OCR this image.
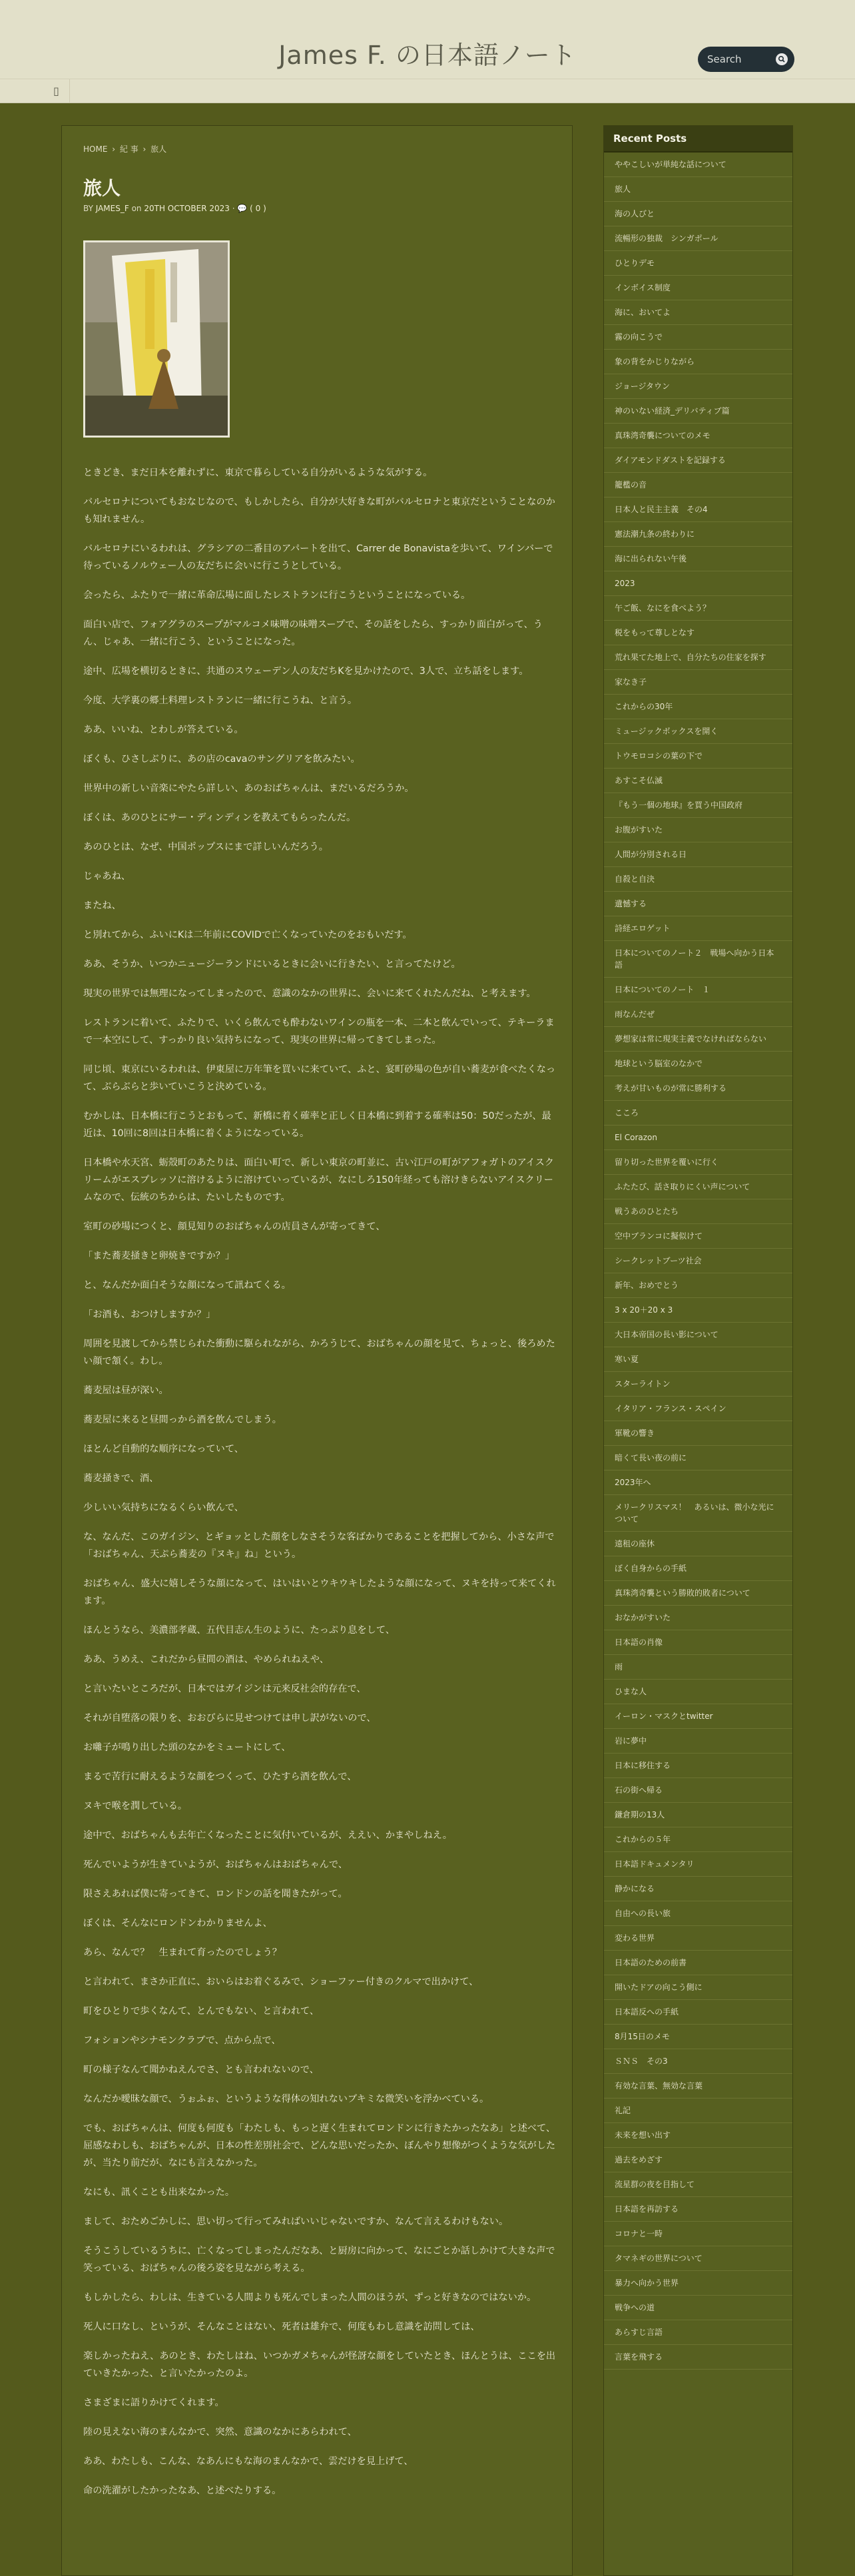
James F. の日本語ノート	Search
▯
HOME › 紀 事 › 旅人
旅人
BY JAMES_F on 20TH OCTOBER 2023 · 💬 ( 0 )

ときどき、まだ日本を離れずに、東京で暮らしている自分がいるような気がする。

バルセロナについてもおなじなので、もしかしたら、自分が大好きな町がバルセロナと東京だということなのかも知れません。

バルセロナにいるわれは、グラシアの二番目のアパートを出て、Carrer de Bonavistaを歩いて、ワインバーで待っているノルウェー人の友だちに会いに行こうとしている。

会ったら、ふたりで一緒に革命広場に面したレストランに行こうということになっている。

面白い店で、フォアグラのスープがマルコメ味噌の味噌スープで、その話をしたら、すっかり面白がって、うん、じゃあ、一緒に行こう、ということになった。

途中、広場を横切るときに、共通のスウェーデン人の友だちKを見かけたので、3人で、立ち話をします。

今度、大学裏の郷土料理レストランに一緒に行こうね、と言う。

ああ、いいね、とわしが答えている。

ぼくも、ひさしぶりに、あの店のcavaのサングリアを飲みたい。

世界中の新しい音楽にやたら詳しい、あのおばちゃんは、まだいるだろうか。

ぼくは、あのひとにサー・ディンディンを教えてもらったんだ。

あのひとは、なぜ、中国ポップスにまで詳しいんだろう。

じゃあね、

またね、

と別れてから、ふいにKは二年前にCOVIDで亡くなっていたのをおもいだす。

ああ、そうか、いつかニュージーランドにいるときに会いに行きたい、と言ってたけど。

現実の世界では無理になってしまったので、意識のなかの世界に、会いに来てくれたんだね、と考えます。

レストランに着いて、ふたりで、いくら飲んでも酔わないワインの瓶を一本、二本と飲んでいって、テキーラまで一本空にして、すっかり良い気持ちになって、現実の世界に帰ってきてしまった。

同じ頃、東京にいるわれは、伊東屋に万年筆を買いに来ていて、ふと、宴町砂場の色が自い蕎麦が食べたくなって、ぶらぶらと歩いていこうと決めている。

むかしは、日本橋に行こうとおもって、新橋に着く確率と正しく日本橋に到着する確率は50：50だったが、最近は、10回に8回は日本橋に着くようになっている。

日本橋や水天宮、蛎殻町のあたりは、面白い町で、新しい東京の町並に、古い江戸の町がアフォガトのアイスクリームがエスプレッソに溶けるように溶けていっているが、なにしろ150年経っても溶けきらないアイスクリームなので、伝統のちからは、たいしたものです。

室町の砂場につくと、顔見知りのおばちゃんの店員さんが寄ってきて、

「また蕎麦掻きと卵焼きですか？」

と、なんだか面白そうな顔になって訊ねてくる。

「お酒も、おつけしますか？」

周囲を見渡してから禁じられた衝動に駆られながら、かろうじて、おばちゃんの顔を見て、ちょっと、後ろめたい顔で頷く。わし。

蕎麦屋は昼が深い。

蕎麦屋に来ると昼間っから酒を飲んでしまう。

ほとんど自動的な順序になっていて、

蕎麦掻きで、酒、

少しいい気持ちになるくらい飲んで、

な、なんだ、このガイジン、とギョッとした顔をしなさそうな客ばかりであることを把握してから、小さな声で「おばちゃん、天ぷら蕎麦の『ヌキ』ね」という。

おばちゃん、盛大に嬉しそうな顔になって、はいはいとウキウキしたような顔になって、ヌキを持って来てくれます。

ほんとうなら、美濃部孝蔵、五代目志ん生のように、たっぷり息をして、

ああ、うめえ、これだから昼間の酒は、やめられねえや、

と言いたいところだが、日本ではガイジンは元来反社会的存在で、

それが自堕落の限りを、おおびらに見せつけては申し訳がないので、

お囃子が鳴り出した頭のなかをミュートにして、

まるで苦行に耐えるような顔をつくって、ひたすら酒を飲んで、

ヌキで喉を潤している。

途中で、おばちゃんも去年亡くなったことに気付いているが、ええい、かまやしねえ。

死んでいようが生きていようが、おばちゃんはおばちゃんで、

限さえあれば僕に寄ってきて、ロンドンの話を聞きたがって。

ぼくは、そんなにロンドンわかりませんよ、

あら、なんで？　生まれて育ったのでしょう？

と言われて、まさか正直に、おいらはお着ぐるみで、ショーファー付きのクルマで出かけて、

町をひとりで歩くなんて、とんでもない、と言われて、

フォションやシナモンクラブで、点から点で、

町の様子なんて聞かねえんでさ、とも言われないので、

なんだか曖昧な顔で、うぉふぉ、というような得体の知れないブキミな微笑いを浮かべている。

でも、おばちゃんは、何度も何度も「わたしも、もっと遅く生まれてロンドンに行きたかったなあ」と述べて、屈感なわしも、おばちゃんが、日本の性差別社会で、どんな思いだったか、ぼんやり想像がつくような気がしたが、当たり前だが、なにも言えなかった。

なにも、訊くことも出来なかった。

まして、おためごかしに、思い切って行ってみればいいじゃないですか、なんて言えるわけもない。

そうこうしているうちに、亡くなってしまったんだなあ、と厨房に向かって、なにごとか話しかけて大きな声で笑っている、おばちゃんの後ろ姿を見ながら考える。

もしかしたら、わしは、生きている人間よりも死んでしまった人間のほうが、ずっと好きなのではないか。

死人に口なし、というが、そんなことはない、死者は雄弁で、何度もわし意識を訪問しては、

楽しかったねえ、あのとき、わたしはね、いつかガメちゃんが怪訝な顔をしていたとき、ほんとうは、ここを出ていきたかった、と言いたかったのよ。

さまざまに語りかけてくれます。

陸の見えない海のまんなかで、突然、意識のなかにあらわれて、

ああ、わたしも、こんな、なあんにもな海のまんなかで、雲だけを見上げて、

命の洗濯がしたかったなあ、と述べたりする。

Recent Posts
ややこしいが単純な話について
旅人
海の人びと
流暢形の独裁　シンガポール
ひとりデモ
インボイス制度
海に、おいてよ
霧の向こうで
象の背をかじりながら
ジョージタウン
神のいない経済_デリバティブ篇
真珠湾奇襲についてのメモ
ダイアモンドダストを記録する
籠檻の音
日本人と民主主義　その4
憲法潮九条の終わりに
海に出られない午後
2023
午ご飯、なにを食べよう？
税をもって尊しとなす
荒れ果てた地上で、自分たちの住家を探す
家なき子
これからの30年
ミュージックボックスを開く
トウモロコシの葉の下で
あすこそ仏滅
『もう一個の地球』を買う中国政府
お腹がすいた
人間が分別される日
自殺と自決
遺憾する
詩経エロゲット
日本についてのノート２　戦場へ向かう日本語
日本についてのノート　１
雨なんだぜ
夢想家は常に現実主義でなければならない
地球という脳室のなかで
考えが甘いものが常に勝利する
こころ
El Corazon
留り切った世界を覆いに行く
ふたたび、話さ取りにくい声について
戦うあのひとたち
空中ブランコに擬似けて
シークレットブーツ社会
新年、おめでとう
3 x 20＋20 x 3
大日本帝国の長い影について
寒い夏
スターライトン
イタリア・フランス・スペイン
軍靴の響き
暗くて長い夜の前に
2023年へ
メリークリスマス！　あるいは、微小な光について
遠租の座休
ぼく自身からの手紙
真珠湾奇襲という勝敗的敗者について
おなかがすいた
日本語の肖像
雨
ひまな人
イーロン・マスクとtwitter
岩に夢中
日本に移住する
石の街へ帰る
鎌倉期の13人
これからの５年
日本語ドキュメンタリ
静かになる
自由への長い旅
変わる世界
日本語のための前書
開いたドアの向こう側に
日本語反への手紙
8月15日のメモ
ＳＮＳ　その3
有効な言葉、無効な言葉
礼記
未来を想い出す
過去をめざす
流星群の夜を目指して
日本語を再訪する
コロナと一時
タマネギの世界について
暴力へ向かう世界
戦争への道
あらすじ言語
言葉を飛する
